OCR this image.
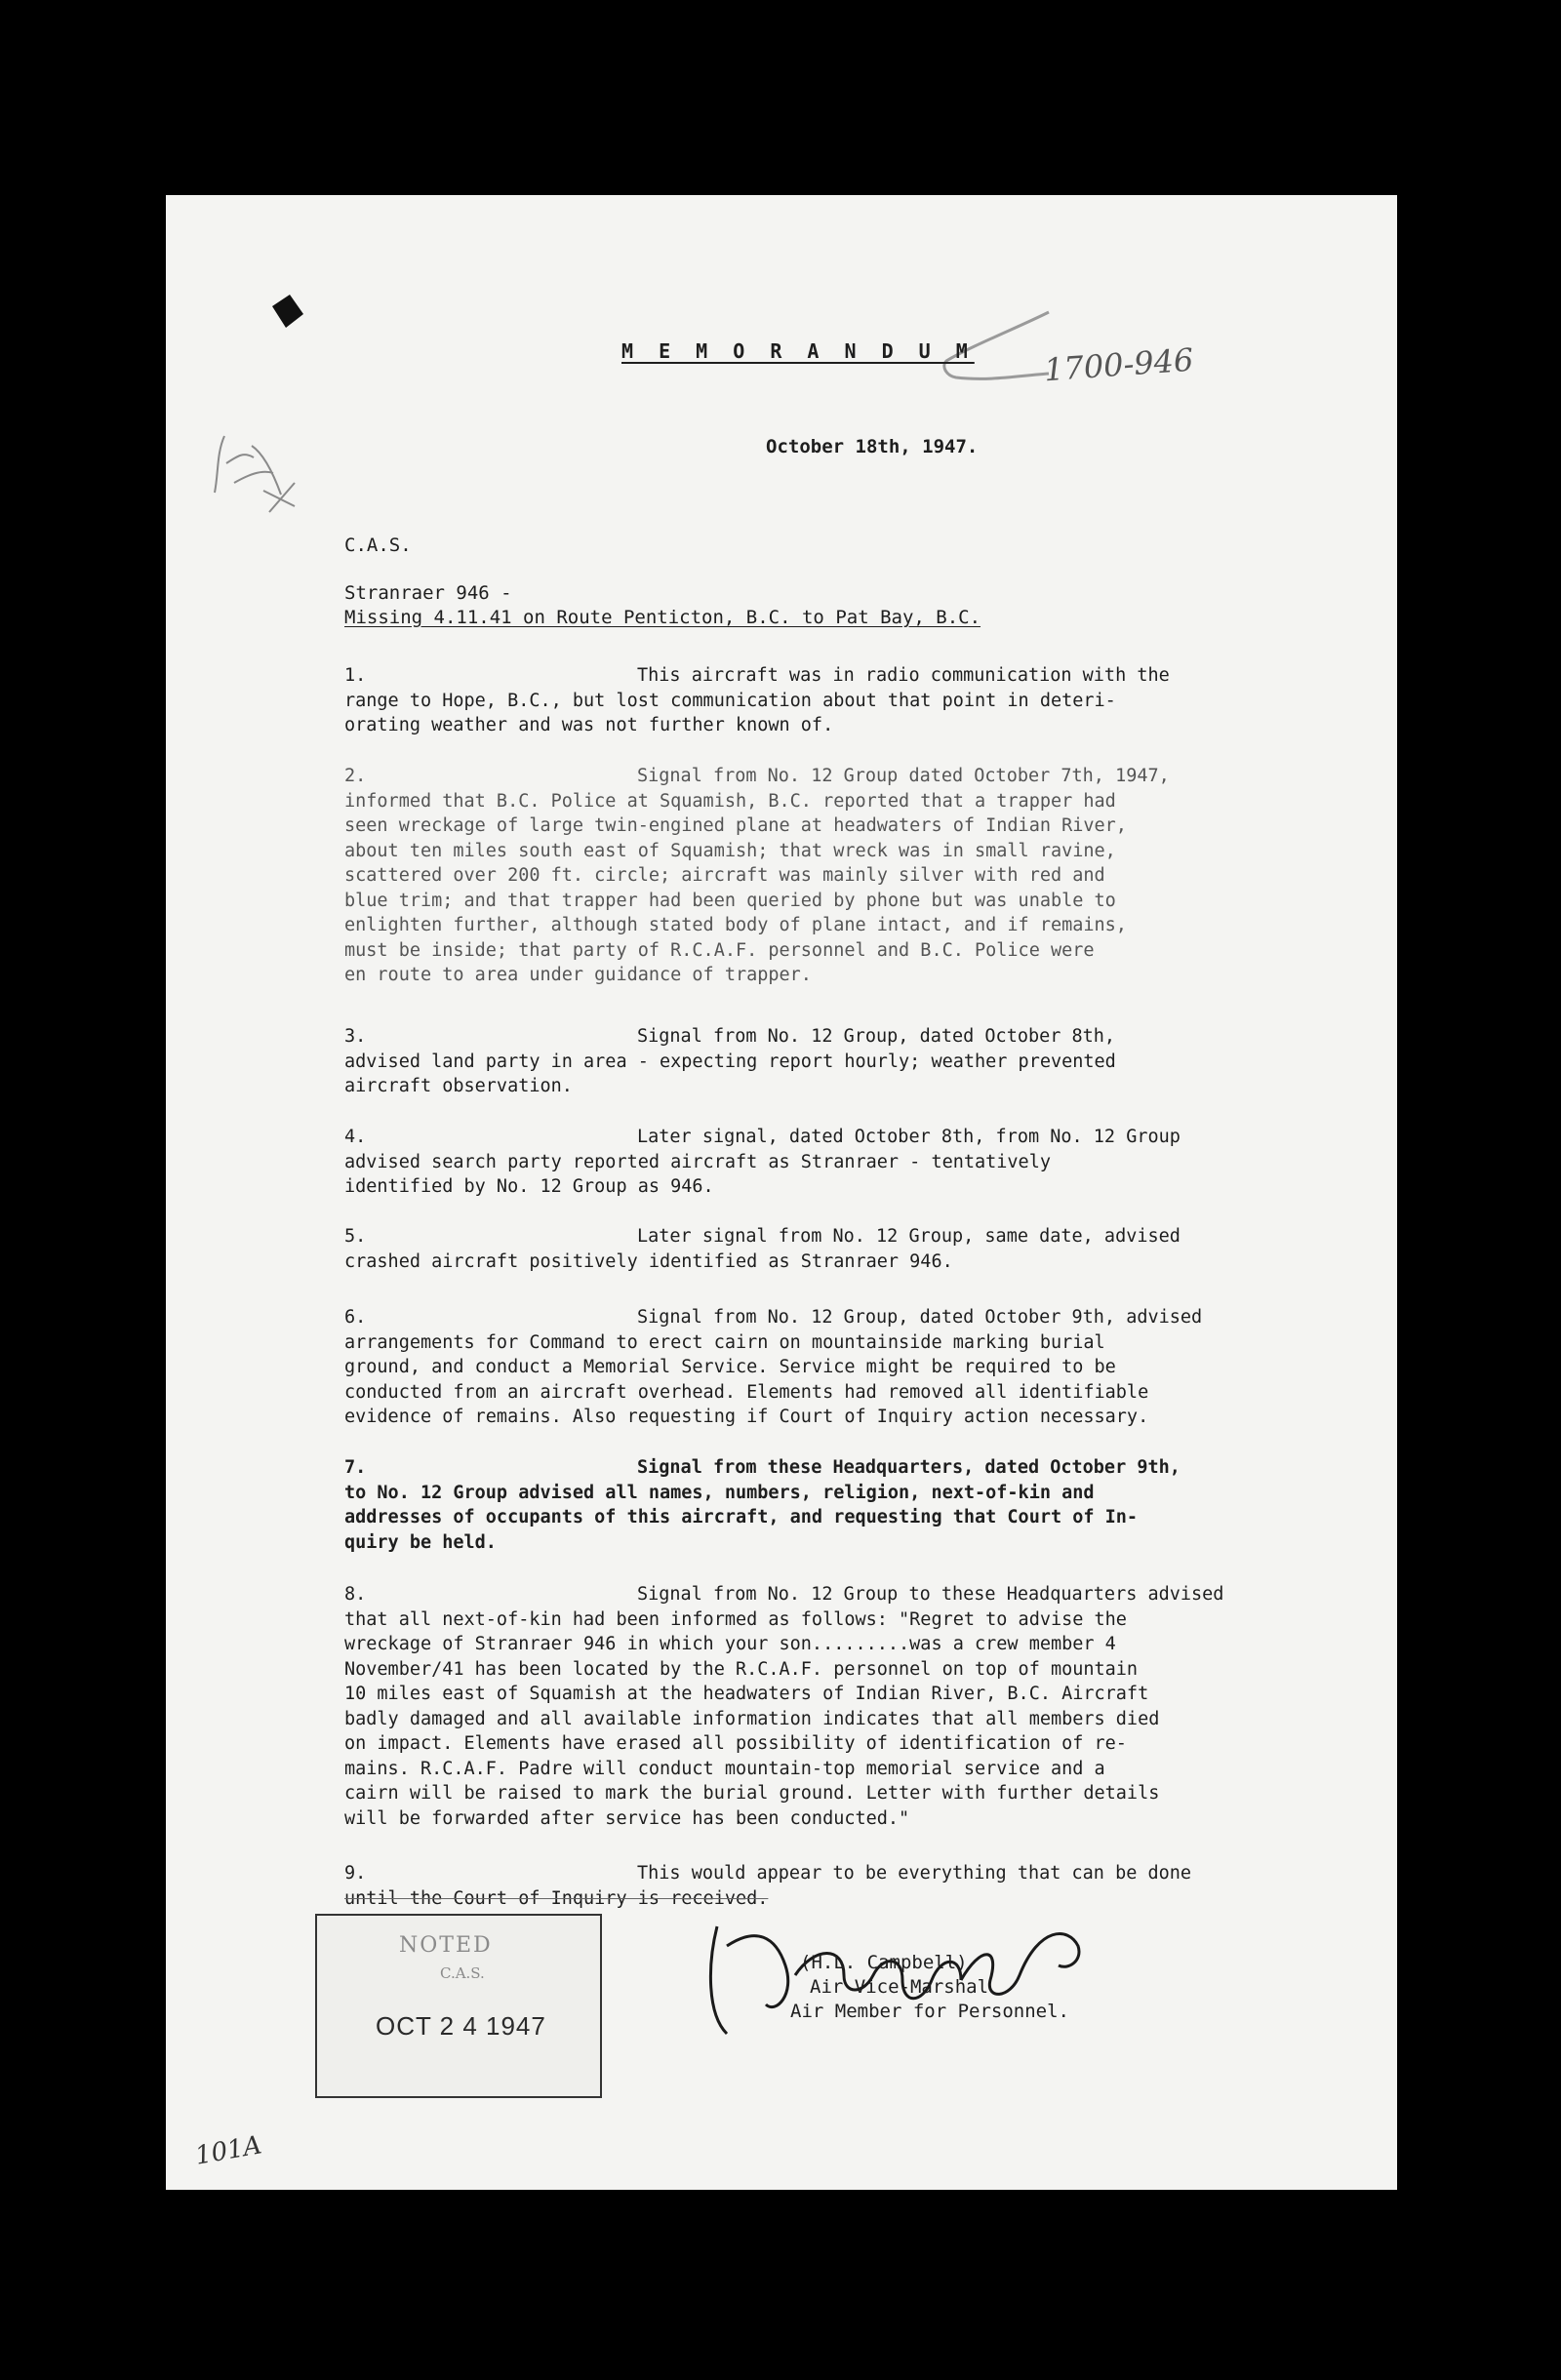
1700-946
M E M O R A N D U M
October 18th, 1947.
C.A.S.
Stranraer 946 -
Missing 4.11.41 on Route Penticton, B.C. to Pat Bay, B.C.
1.	This aircraft was in radio communication with the
range to Hope, B.C., but lost communication about that point in deteri-
orating weather and was not further known of.
2.	Signal from No. 12 Group dated October 7th, 1947,
informed that B.C. Police at Squamish, B.C. reported that a trapper had
seen wreckage of large twin-engined plane at headwaters of Indian River,
about ten miles south east of Squamish; that wreck was in small ravine,
scattered over 200 ft. circle; aircraft was mainly silver with red and
blue trim; and that trapper had been queried by phone but was unable to
enlighten further, although stated body of plane intact, and if remains,
must be inside; that party of R.C.A.F. personnel and B.C. Police were
en route to area under guidance of trapper.
3.	Signal from No. 12 Group, dated October 8th,
advised land party in area - expecting report hourly; weather prevented
aircraft observation.
4.	Later signal, dated October 8th, from No. 12 Group
advised search party reported aircraft as Stranraer - tentatively
identified by No. 12 Group as 946.
5.	Later signal from No. 12 Group, same date, advised
crashed aircraft positively identified as Stranraer 946.
6.	Signal from No. 12 Group, dated October 9th, advised
arrangements for Command to erect cairn on mountainside marking burial
ground, and conduct a Memorial Service. Service might be required to be
conducted from an aircraft overhead. Elements had removed all identifiable
evidence of remains. Also requesting if Court of Inquiry action necessary.
7.	Signal from these Headquarters, dated October 9th,
to No. 12 Group advised all names, numbers, religion, next-of-kin and
addresses of occupants of this aircraft, and requesting that Court of In-
quiry be held.
8.	Signal from No. 12 Group to these Headquarters advised
that all next-of-kin had been informed as follows: "Regret to advise the
wreckage of Stranraer 946 in which your son.........was a crew member 4
November/41 has been located by the R.C.A.F. personnel on top of mountain
10 miles east of Squamish at the headwaters of Indian River, B.C. Aircraft
badly damaged and all available information indicates that all members died
on impact. Elements have erased all possibility of identification of re-
mains. R.C.A.F. Padre will conduct mountain-top memorial service and a
cairn will be raised to mark the burial ground. Letter with further details
will be forwarded after service has been conducted."
9.	This would appear to be everything that can be done
until the Court of Inquiry is received.
NOTED
C.A.S.
OCT 2 4 1947
(H.L. Campbell)
Air Vice-Marshal
Air Member for Personnel.
101A
